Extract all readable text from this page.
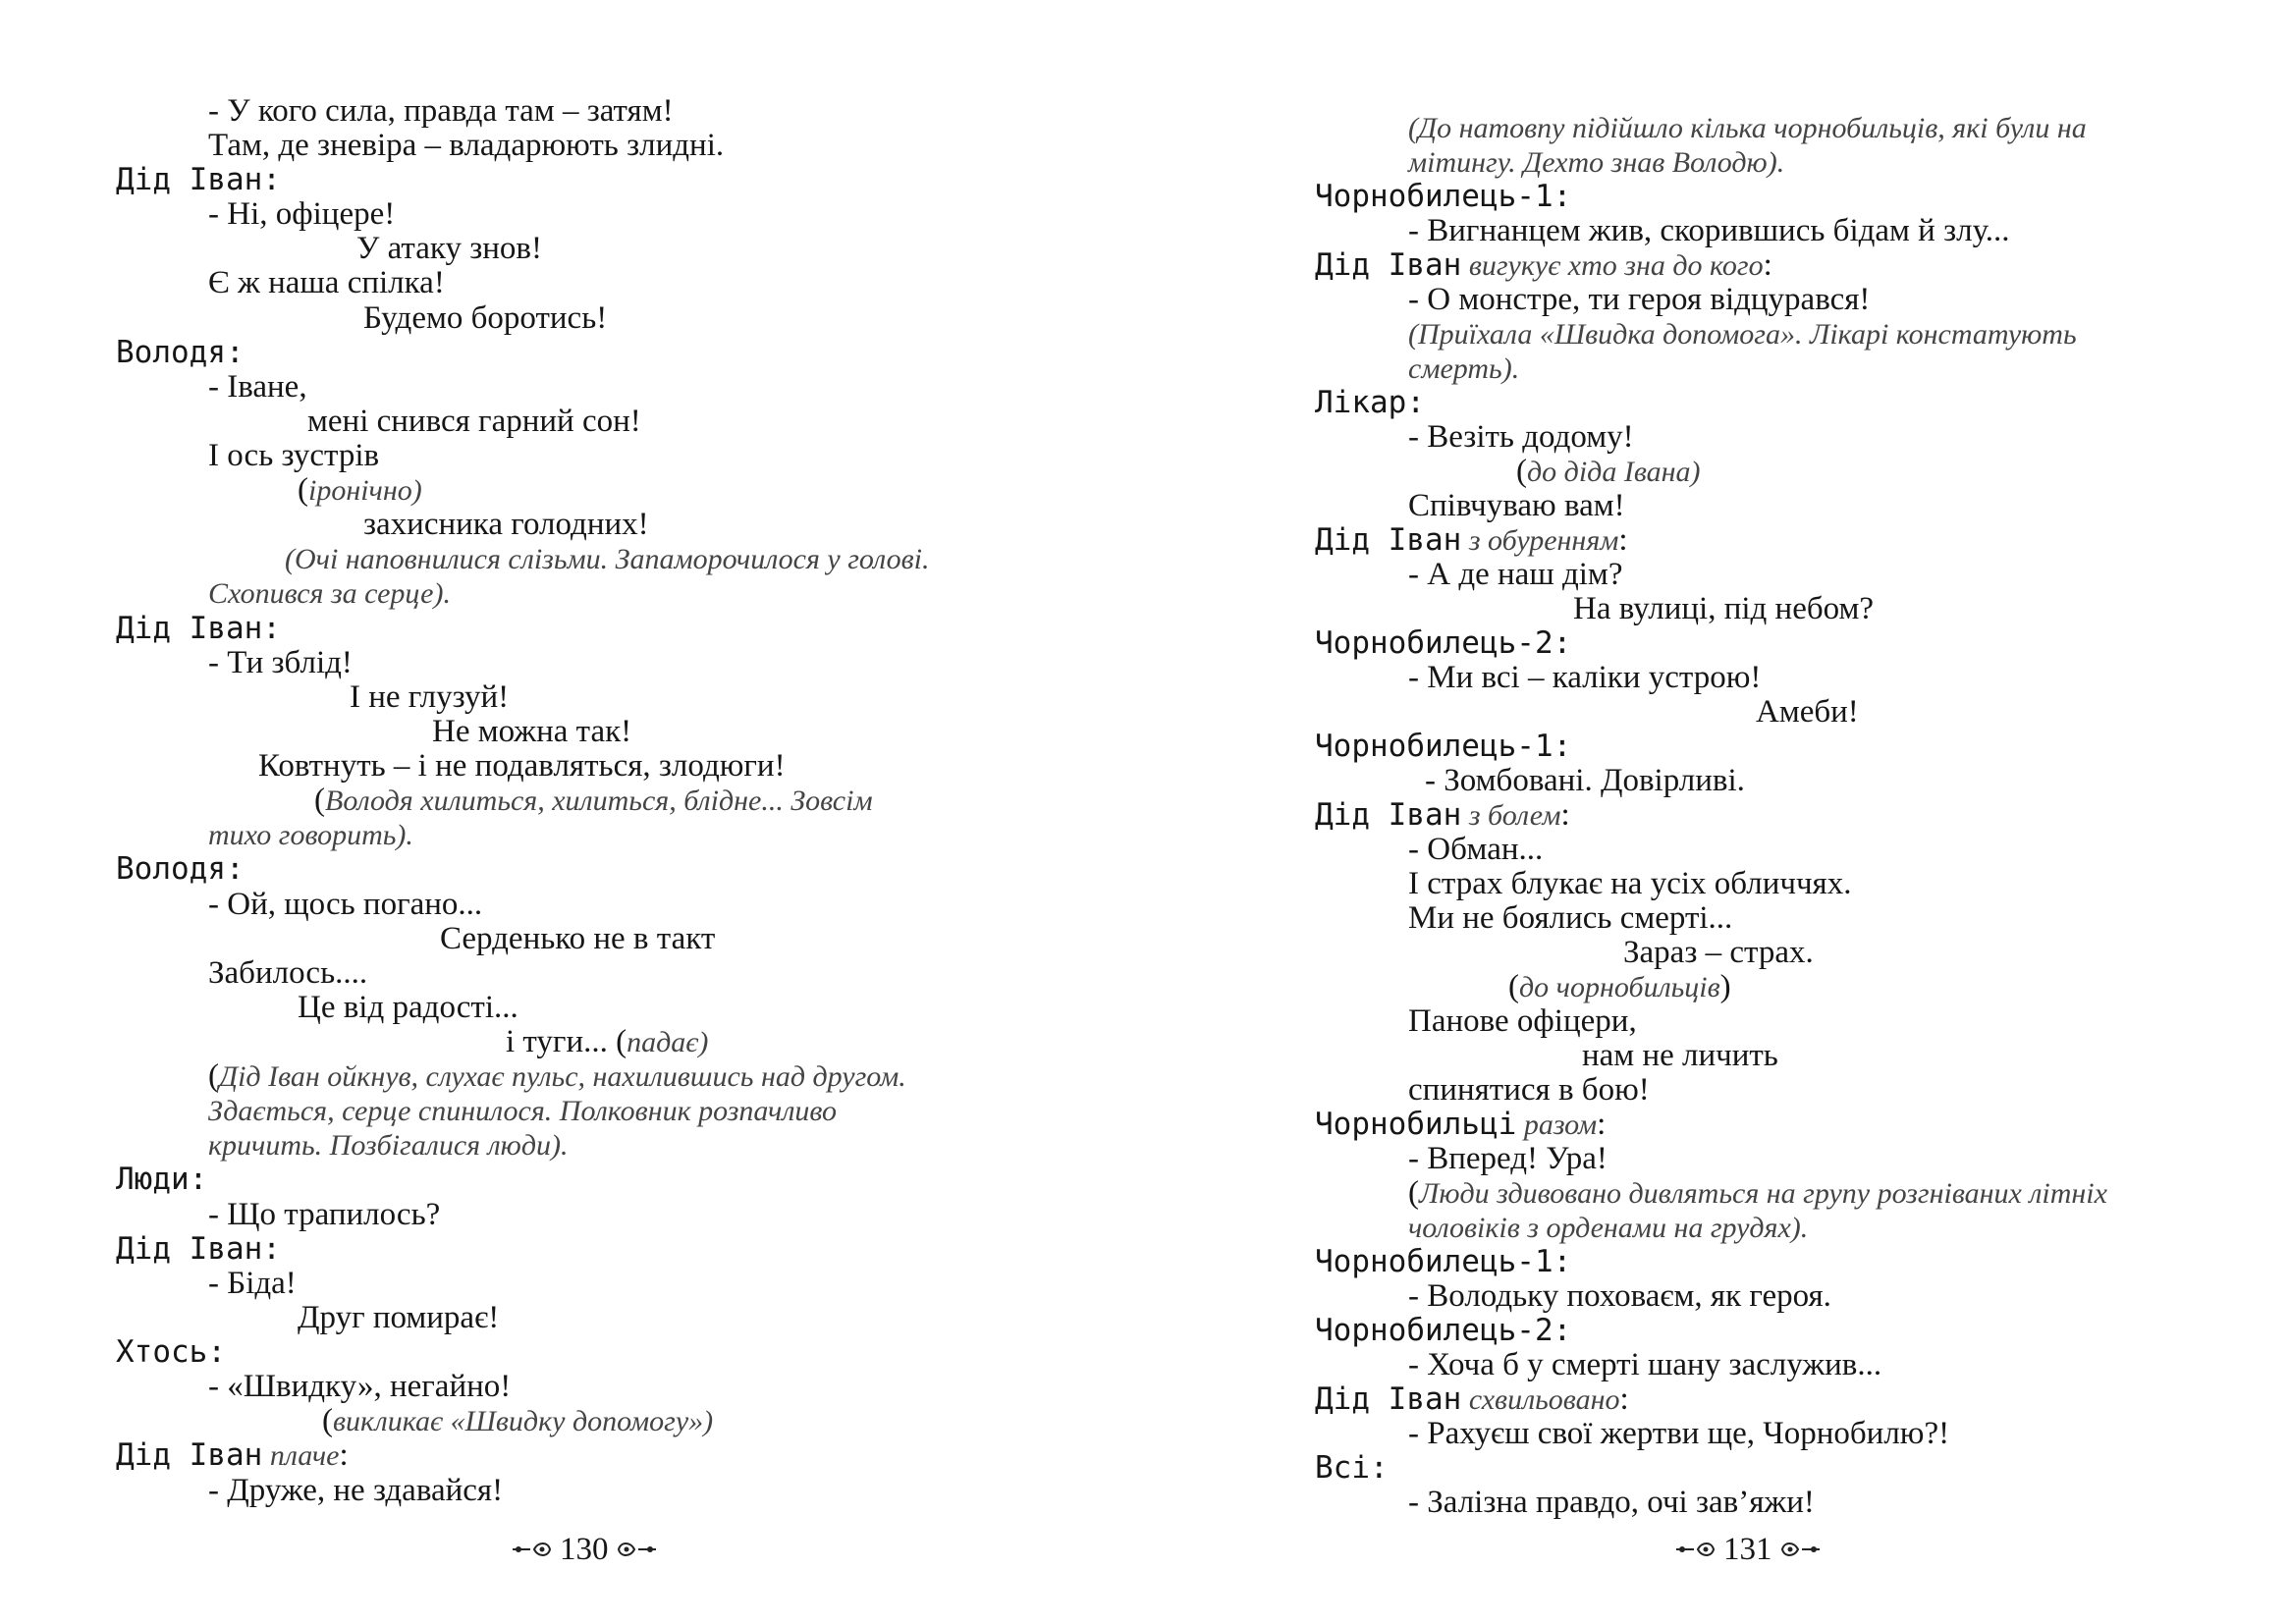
- У кого сила, правда там – затям!
Там, де зневіра – владарюють злидні.
Дід Іван:
- Ні, офіцере!
У атаку знов!
Є ж наша спілка!
Будемо боротись!
Володя:
- Іване,
мені снився гарний сон!
І ось зустрів
(іронічно)
захисника голодних!
(Очі наповнилися слізьми. Запаморочилося у голові.
Схопився за серце).
Дід Іван:
- Ти зблід!
І не глузуй!
Не можна так!
Ковтнуть – і не подавляться, злодюги!
(Володя хилиться, хилиться, блідне... Зовсім
тихо говорить).
Володя:
- Ой, щось погано...
Серденько не в такт
Забилось....
Це від радості...
і туги... (падає)
(Дід Іван ойкнув, слухає пульс, нахилившись над другом.
Здається, серце спинилося. Полковник розпачливо
кричить. Позбігалися люди).
Люди:
- Що трапилось?
Дід Іван:
- Біда!
Друг помирає!
Хтось:
- «Швидку», негайно!
(викликає «Швидку допомогу»)
Дід Іван плаче:
- Друже, не здавайся!
(До натовпу підійшло кілька чорнобильців, які були на
мітингу. Дехто знав Володю).
Чорнобилець-1:
- Вигнанцем жив, скорившись бідам й злу...
Дід Іван вигукує хто зна до кого:
- О монстре, ти героя відцурався!
(Приїхала «Швидка допомога». Лікарі констатують
смерть).
Лікар:
- Везіть додому!
(до діда Івана)
Співчуваю вам!
Дід Іван з обуренням:
- А де наш дім?
На вулиці, під небом?
Чорнобилець-2:
- Ми всі – каліки устрою!
Амеби!
Чорнобилець-1:
- Зомбовані. Довірливі.
Дід Іван з болем:
- Обман...
І страх блукає на усіх обличчях.
Ми не боялись смерті...
Зараз – страх.
(до чорнобильців)
Панове офіцери,
нам не личить
спинятися в бою!
Чорнобильці разом:
- Вперед! Ура!
(Люди здивовано дивляться на групу розгніваних літніх
чоловіків з орденами на грудях).
Чорнобилець-1:
- Володьку поховаєм, як героя.
Чорнобилець-2:
- Хоча б у смерті шану заслужив...
Дід Іван схвильовано:
- Рахуєш свої жертви ще, Чорнобилю?!
Всі:
- Залізна правдо, очі зав’яжи!
130	131
